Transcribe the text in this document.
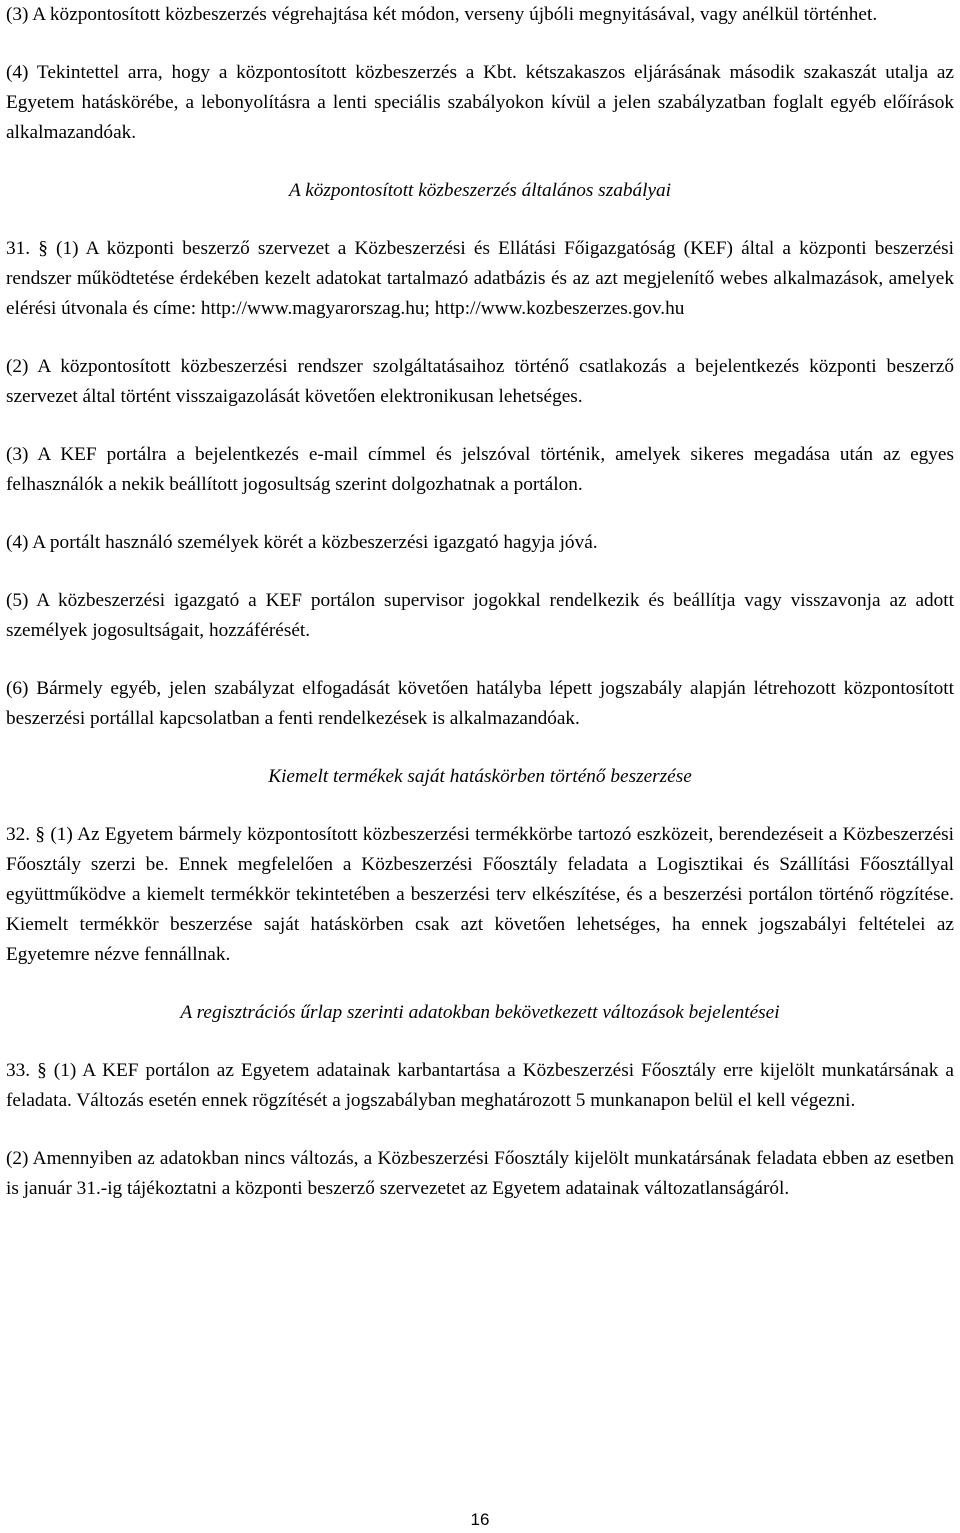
(3) A központosított közbeszerzés végrehajtása két módon, verseny újbóli megnyitásával, vagy anélkül történhet.

(4) Tekintettel arra, hogy a központosított közbeszerzés a Kbt. kétszakaszos eljárásának második szakaszát utalja az Egyetem hatáskörébe, a lebonyolításra a lenti speciális szabályokon kívül a jelen szabályzatban foglalt egyéb előírások alkalmazandóak.

A központosított közbeszerzés általános szabályai

31. § (1) A központi beszerző szervezet a Közbeszerzési és Ellátási Főigazgatóság (KEF) által a központi beszerzési rendszer működtetése érdekében kezelt adatokat tartalmazó adatbázis és az azt megjelenítő webes alkalmazások, amelyek elérési útvonala és címe: http://www.magyarorszag.hu; http://www.kozbeszerzes.gov.hu

(2) A központosított közbeszerzési rendszer szolgáltatásaihoz történő csatlakozás a bejelentkezés központi beszerző szervezet által történt visszaigazolását követően elektronikusan lehetséges.

(3) A KEF portálra a bejelentkezés e-mail címmel és jelszóval történik, amelyek sikeres megadása után az egyes felhasználók a nekik beállított jogosultság szerint dolgozhatnak a portálon.

(4) A portált használó személyek körét a közbeszerzési igazgató hagyja jóvá.

(5) A közbeszerzési igazgató a KEF portálon supervisor jogokkal rendelkezik és beállítja vagy visszavonja az adott személyek jogosultságait, hozzáférését.

(6) Bármely egyéb, jelen szabályzat elfogadását követően hatályba lépett jogszabály alapján létrehozott központosított beszerzési portállal kapcsolatban a fenti rendelkezések is alkalmazandóak.

Kiemelt termékek saját hatáskörben történő beszerzése

32. § (1) Az Egyetem bármely központosított közbeszerzési termékkörbe tartozó eszközeit, berendezéseit a Közbeszerzési Főosztály szerzi be. Ennek megfelelően a Közbeszerzési Főosztály feladata a Logisztikai és Szállítási Főosztállyal együttműködve a kiemelt termékkör tekintetében a beszerzési terv elkészítése, és a beszerzési portálon történő rögzítése. Kiemelt termékkör beszerzése saját hatáskörben csak azt követően lehetséges, ha ennek jogszabályi feltételei az Egyetemre nézve fennállnak.

A regisztrációs űrlap szerinti adatokban bekövetkezett változások bejelentései

33. § (1) A KEF portálon az Egyetem adatainak karbantartása a Közbeszerzési Főosztály erre kijelölt munkatársának a feladata. Változás esetén ennek rögzítését a jogszabályban meghatározott 5 munkanapon belül el kell végezni.

(2) Amennyiben az adatokban nincs változás, a Közbeszerzési Főosztály kijelölt munkatársának feladata ebben az esetben is január 31.-ig tájékoztatni a központi beszerző szervezetet az Egyetem adatainak változatlanságáról.

16
